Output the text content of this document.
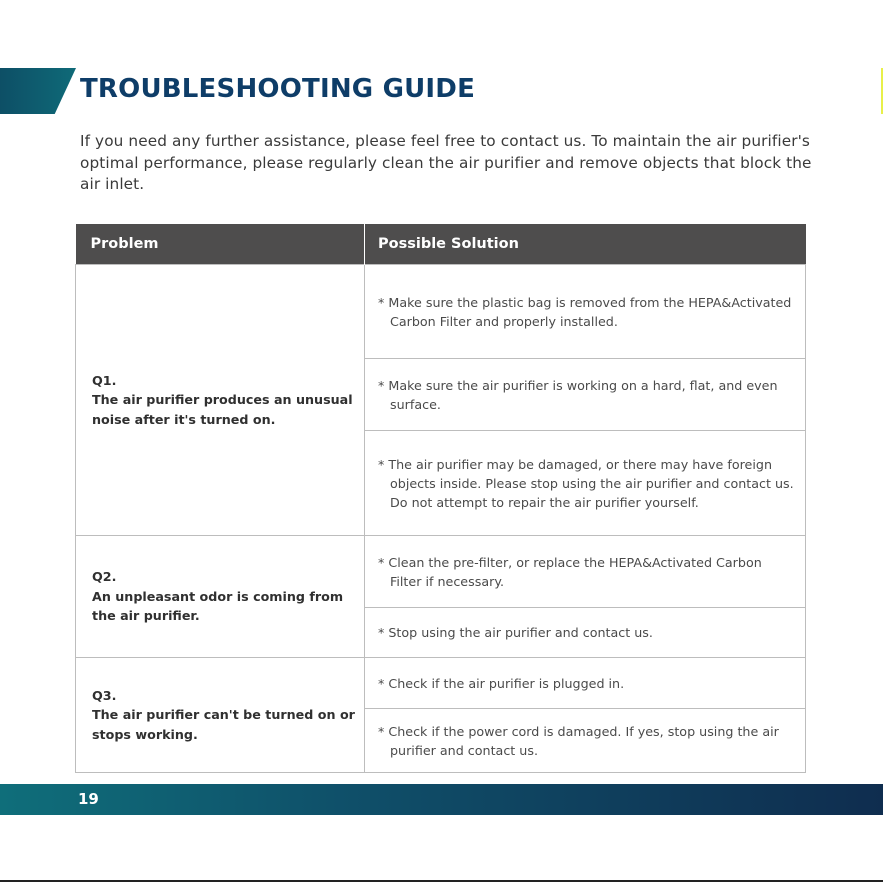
TROUBLESHOOTING GUIDE

If you need any further assistance, please feel free to contact us. To maintain the air purifier's optimal performance, please regularly clean the air purifier and remove objects that block the air inlet.

Problem	Possible Solution

Q1.
The air purifier produces an unusual noise after it's turned on.	* Make sure the plastic bag is removed from the HEPA&Activated Carbon Filter and properly installed.

	* Make sure the air purifier is working on a hard, flat, and even surface.

	* The air purifier may be damaged, or there may have foreign objects inside. Please stop using the air purifier and contact us. Do not attempt to repair the air purifier yourself.

Q2.
An unpleasant odor is coming from the air purifier.	* Clean the pre-filter, or replace the HEPA&Activated Carbon Filter if necessary.

	* Stop using the air purifier and contact us.

Q3.
The air purifier can't be turned on or stops working.	* Check if the air purifier is plugged in.

	* Check if the power cord is damaged. If yes, stop using the air purifier and contact us.
19
